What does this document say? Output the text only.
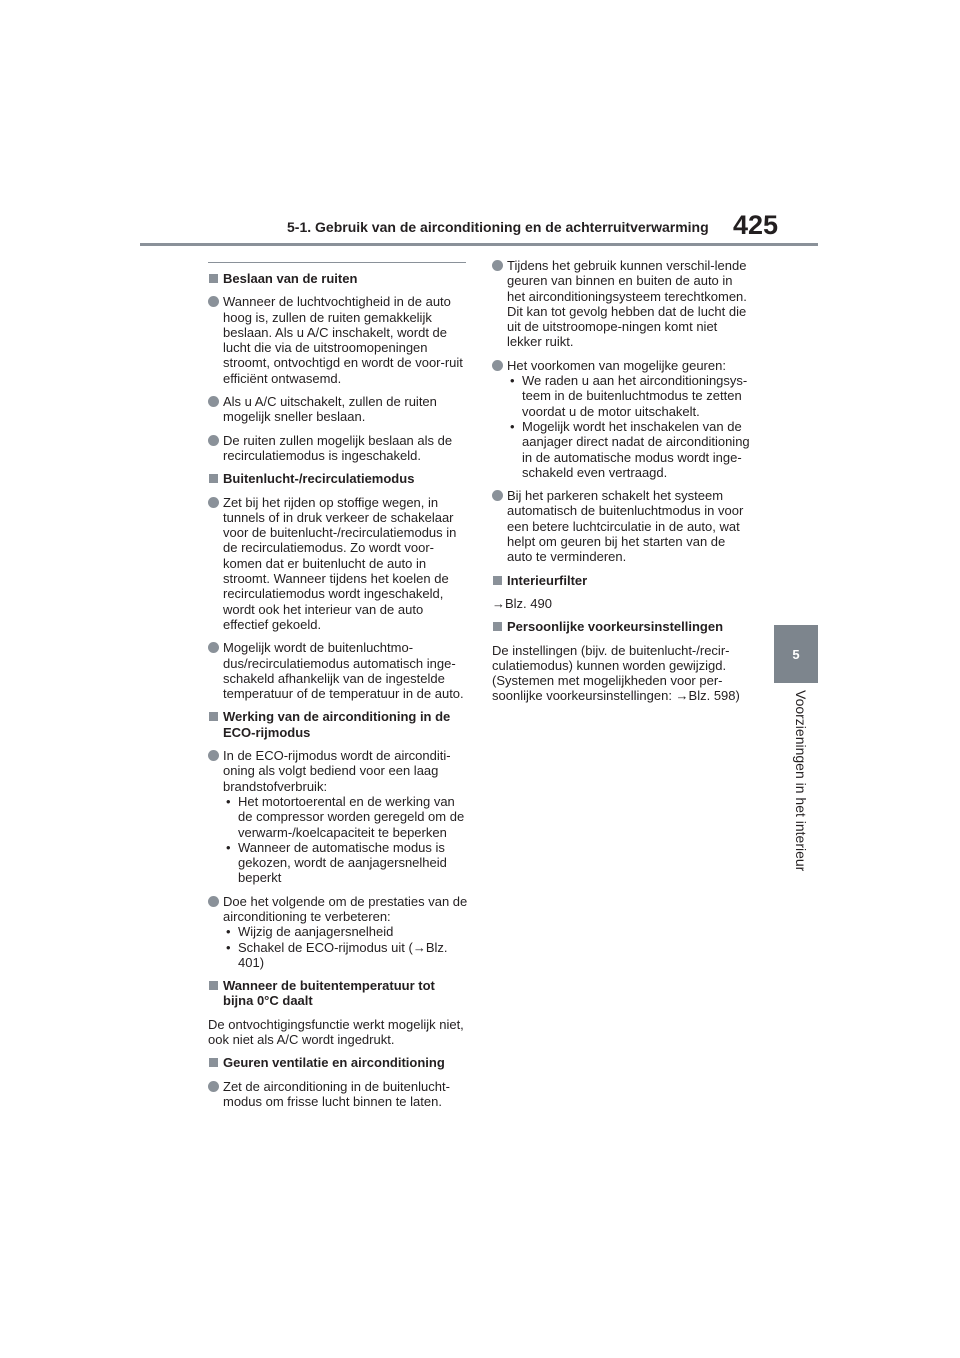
5-1. Gebruik van de airconditioning en de achterruitverwarming 425
5
Voorzieningen in het interieur
Beslaan van de ruiten
Wanneer de luchtvochtigheid in de auto hoog is, zullen de ruiten gemakkelijk beslaan. Als u A/C inschakelt, wordt de lucht die via de uitstroomopeningen stroomt, ontvochtigd en wordt de voor-ruit efficiënt ontwasemd.
Als u A/C uitschakelt, zullen de ruiten mogelijk sneller beslaan.
De ruiten zullen mogelijk beslaan als de recirculatiemodus is ingeschakeld.
Buitenlucht-/recirculatiemodus
Zet bij het rijden op stoffige wegen, in tunnels of in druk verkeer de schakelaar voor de buitenlucht-/recirculatiemodus in de recirculatiemodus. Zo wordt voor-komen dat er buitenlucht de auto in stroomt. Wanneer tijdens het koelen de recirculatiemodus wordt ingeschakeld, wordt ook het interieur van de auto effectief gekoeld.
Mogelijk wordt de buitenluchtmo-dus/recirculatiemodus automatisch inge-schakeld afhankelijk van de ingestelde temperatuur of de temperatuur in de auto.
Werking van de airconditioning in de ECO-rijmodus
In de ECO-rijmodus wordt de airconditi-oning als volgt bediend voor een laag brandstofverbruik:
• Het motortoerental en de werking van de compressor worden geregeld om de verwarm-/koelcapaciteit te beperken
• Wanneer de automatische modus is gekozen, wordt de aanjagersnelheid beperkt
Doe het volgende om de prestaties van de airconditioning te verbeteren:
• Wijzig de aanjagersnelheid
• Schakel de ECO-rijmodus uit (→Blz. 401)
Wanneer de buitentemperatuur tot bijna 0°C daalt
De ontvochtigingsfunctie werkt mogelijk niet, ook niet als A/C wordt ingedrukt.
Geuren ventilatie en airconditioning
Zet de airconditioning in de buitenlucht-modus om frisse lucht binnen te laten.
Tijdens het gebruik kunnen verschil-lende geuren van binnen en buiten de auto in het airconditioningsysteem terechtkomen. Dit kan tot gevolg hebben dat de lucht die uit de uitstroomope-ningen komt niet lekker ruikt.
Het voorkomen van mogelijke geuren:
• We raden u aan het airconditioningsys-teem in de buitenluchtmodus te zetten voordat u de motor uitschakelt.
• Mogelijk wordt het inschakelen van de aanjager direct nadat de airconditioning in de automatische modus wordt inge-schakeld even vertraagd.
Bij het parkeren schakelt het systeem automatisch de buitenluchtmodus in voor een betere luchtcirculatie in de auto, wat helpt om geuren bij het starten van de auto te verminderen.
Interieurfilter
→Blz. 490
Persoonlijke voorkeursinstellingen
De instellingen (bijv. de buitenlucht-/recir-culatiemodus) kunnen worden gewijzigd. (Systemen met mogelijkheden voor per-soonlijke voorkeursinstellingen: →Blz. 598)
